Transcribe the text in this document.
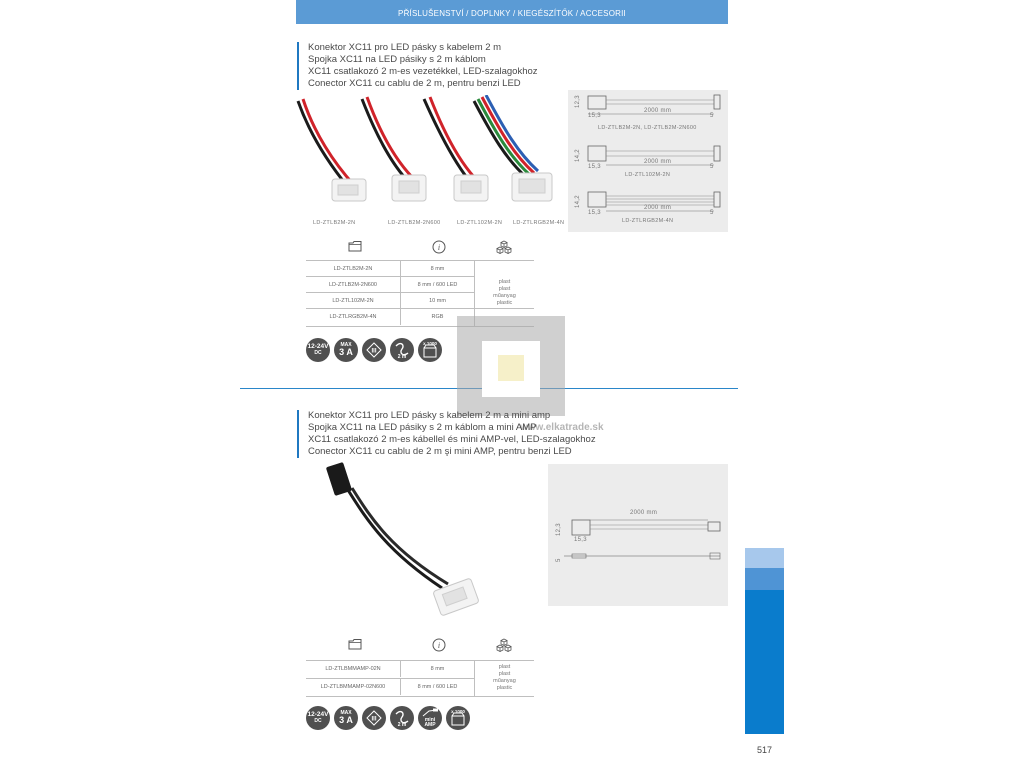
PŘÍSLUŠENSTVÍ / DOPLNKY / KIEGÉSZÍTŐK / ACCESORII
Konektor XC11 pro LED pásky s kabelem 2 m
Spojka XC11 na LED pásiky s 2 m káblom
XC11 csatlakozó 2 m-es vezetékkel, LED-szalagokhoz
Conector XC11 cu cablu de 2 m, pentru benzi LED
LD-ZTLB2M-2N	LD-ZTLB2M-2N600	LD-ZTL102M-2N LD-ZTLRGB2M-4N
12,3
15,3
2000 mm
5
LD-ZTLB2M-2N, LD-ZTLB2M-2N600
14,2
15,3
2000 mm
5
LD-ZTL102M-2N
14,2
15,3
2000 mm
5
LD-ZTLRGB2M-4N
i
LD-ZTLB2M-2N	8 mm
LD-ZTLB2M-2N600	8 mm / 600 LED
LD-ZTL102M-2N	10 mm
LD-ZTLRGB2M-4N	RGB
plast
plast
műanyag
plastic
12-24V
DC
MAX
3 A	III
2 m
x 1000
www.elkatrade.sk
Konektor XC11 pro LED pásky s kabelem 2 m a mini amp
Spojka XC11 na LED pásiky s 2 m káblom a mini AMP
XC11 csatlakozó 2 m-es kábellel és mini AMP-vel, LED-szalagokhoz
Conector XC11 cu cablu de 2 m şi mini AMP, pentru benzi LED
2000 mm
12,3
15,3
5
i
LD-ZTLBMMAMP-02N	8 mm
LD-ZTLBMMAMP-02N600	8 mm / 600 LED
plast
plast
műanyag
plastic
12-24V
DC
MAX
3 A	III
2 m
mini
AMP
x 1000
517
